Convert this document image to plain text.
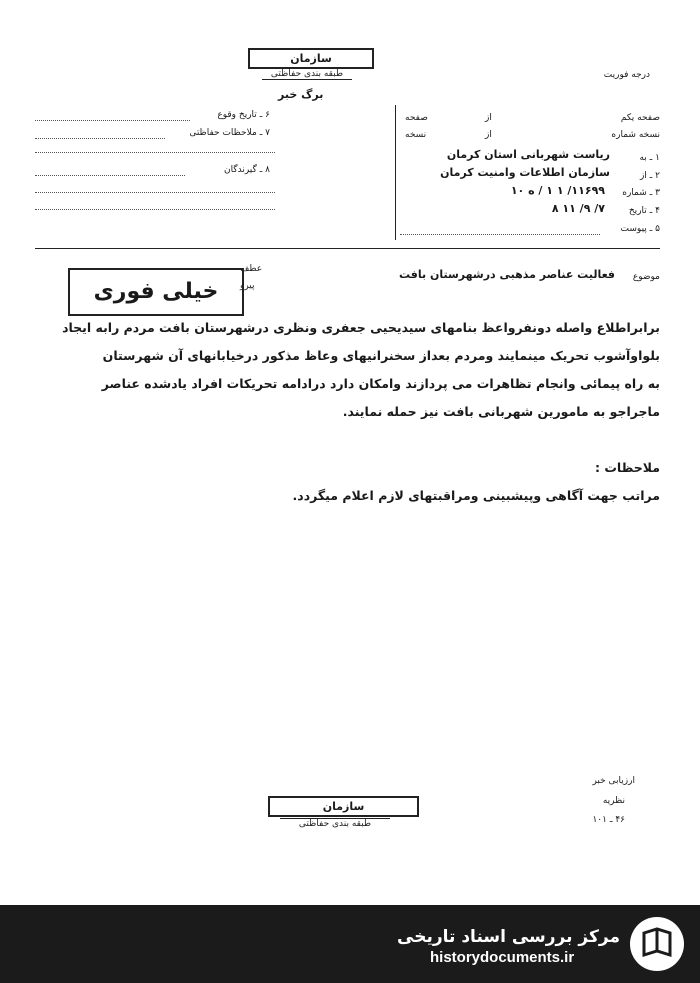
سازمان
طبقه بندی حفاظتی
برگ خبر
درجه فوریت
۶ ـ تاریخ وقوع
۷ ـ ملاحظات حفاظتی
۸ ـ گیرندگان
صفحه یکم
از
صفحه
نسخه شماره
از
نسخه
۱ ـ به
ریاست شهربانی استان کرمان
۲ ـ از
سازمان اطلاعات وامنیت کرمان
۳ ـ شماره
۱۱۶۹۹/ ۱ ۱ / ه ۱۰
۴ ـ تاریخ
۷/ ۹/ ۱۱ ۸
۵ ـ پیوست
موضوع
فعالیت عناصر مذهبی درشهرستان بافت
عطف
پیرو
خیلی فوری
برابراطلاع واصله دونفرواعظ بنامهای سیدیحیی جعفری ونظری درشهرستان بافت مردم رابه ایجاد
بلواوآشوب تحریک مینمایند ومردم بعداز سخنرانیهای وعاظ مذکور درخیابانهای آن شهرستان
به راه پیمائی وانجام تظاهرات می پردازند وامکان دارد درادامه تحریکات افراد یادشده عناصر
ماجراجو به مامورین شهربانی بافت نیز حمله نمایند.
ملاحظات :
مراتب جهت آگاهی وپیشبینی ومراقبتهای لازم اعلام میگردد.
ارزیابی خبر
نظریه
۴۶ ـ ۱۰۱
سازمان
طبقه بندی حفاظتی
مرکز بررسی اسناد تاریخی
historydocuments.ir
